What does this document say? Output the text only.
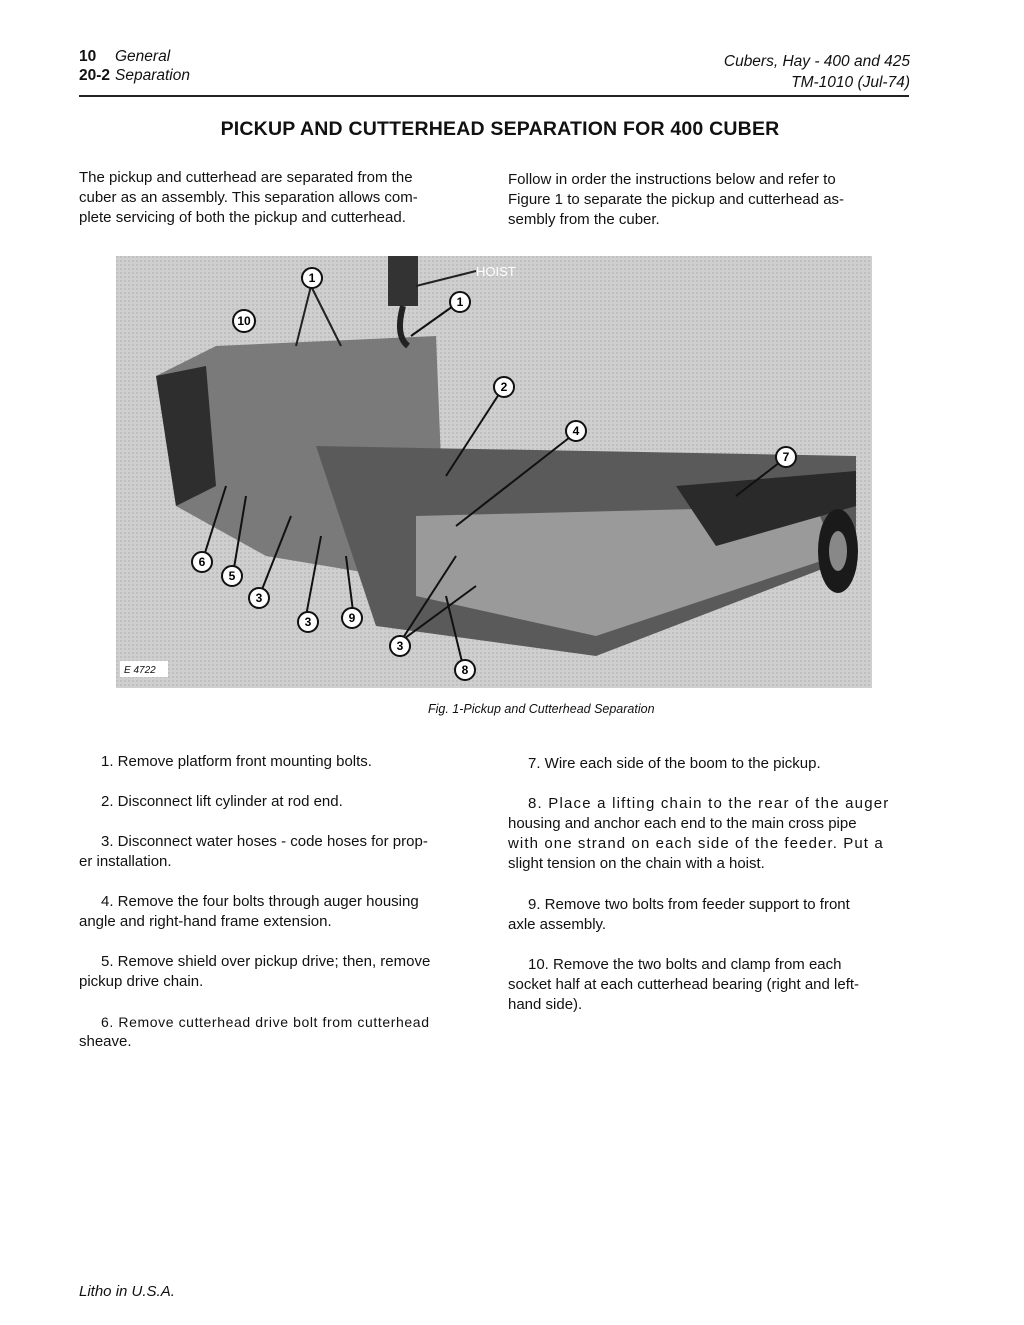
10 General
20-2 Separation
Cubers, Hay - 400 and 425
TM-1010 (Jul-74)
PICKUP AND CUTTERHEAD SEPARATION FOR 400 CUBER
The pickup and cutterhead are separated from the
cuber as an assembly. This separation allows com-
plete servicing of both the pickup and cutterhead.
Follow in order the instructions below and refer to
Figure 1 to separate the pickup and cutterhead as-
sembly from the cuber.
HOIST
1
1
10
2
4
7
6
5
3
3	9
3
8
E 4722
Fig. 1-Pickup and Cutterhead Separation
1. Remove platform front mounting bolts.
2. Disconnect lift cylinder at rod end.
3. Disconnect water hoses - code hoses for prop-
er installation.
4. Remove the four bolts through auger housing
angle and right-hand frame extension.
5. Remove shield over pickup drive; then, remove
pickup drive chain.
6. Remove cutterhead drive bolt from cutterhead
sheave.
7. Wire each side of the boom to the pickup.
8. Place a lifting chain to the rear of the auger
housing and anchor each end to the main cross pipe
with one strand on each side of the feeder. Put a
slight tension on the chain with a hoist.
9. Remove two bolts from feeder support to front
axle assembly.
10. Remove the two bolts and clamp from each
socket half at each cutterhead bearing (right and left-
hand side).
Litho in U.S.A.
